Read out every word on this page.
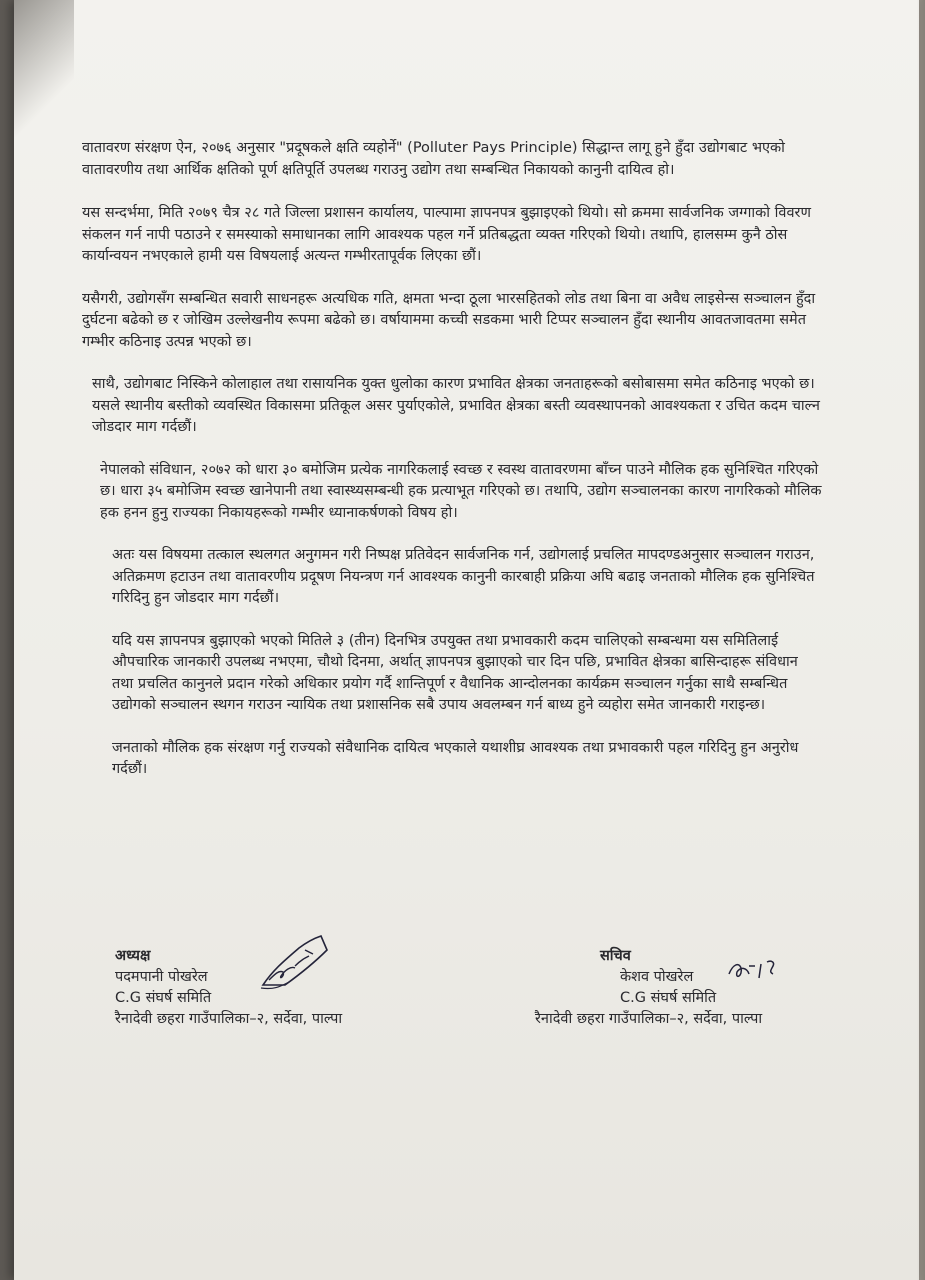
वातावरण संरक्षण ऐन, २०७६ अनुसार "प्रदूषकले क्षति व्यहोर्ने" (Polluter Pays Principle) सिद्धान्त लागू हुने हुँदा उद्योगबाट भएको वातावरणीय तथा आर्थिक क्षतिको पूर्ण क्षतिपूर्ति उपलब्ध गराउनु उद्योग तथा सम्बन्धित निकायको कानुनी दायित्व हो।

यस सन्दर्भमा, मिति २०७९ चैत्र २८ गते जिल्ला प्रशासन कार्यालय, पाल्पामा ज्ञापनपत्र बुझाइएको थियो। सो क्रममा सार्वजनिक जग्गाको विवरण संकलन गर्न नापी पठाउने र समस्याको समाधानका लागि आवश्यक पहल गर्ने प्रतिबद्धता व्यक्त गरिएको थियो। तथापि, हालसम्म कुनै ठोस कार्यान्वयन नभएकाले हामी यस विषयलाई अत्यन्त गम्भीरतापूर्वक लिएका छौं।

यसैगरी, उद्योगसँग सम्बन्धित सवारी साधनहरू अत्यधिक गति, क्षमता भन्दा ठूला भारसहितको लोड तथा बिना वा अवैध लाइसेन्स सञ्चालन हुँदा दुर्घटना बढेको छ र जोखिम उल्लेखनीय रूपमा बढेको छ। वर्षायाममा कच्ची सडकमा भारी टिप्पर सञ्चालन हुँदा स्थानीय आवतजावतमा समेत गम्भीर कठिनाइ उत्पन्न भएको छ।

साथै, उद्योगबाट निस्किने कोलाहाल तथा रासायनिक युक्त धुलोका कारण प्रभावित क्षेत्रका जनताहरूको बसोबासमा समेत कठिनाइ भएको छ। यसले स्थानीय बस्तीको व्यवस्थित विकासमा प्रतिकूल असर पुर्याएकोले, प्रभावित क्षेत्रका बस्ती व्यवस्थापनको आवश्यकता र उचित कदम चाल्न जोडदार माग गर्दछौं।

नेपालको संविधान, २०७२ को धारा ३० बमोजिम प्रत्येक नागरिकलाई स्वच्छ र स्वस्थ वातावरणमा बाँच्न पाउने मौलिक हक सुनिश्चित गरिएको छ। धारा ३५ बमोजिम स्वच्छ खानेपानी तथा स्वास्थ्यसम्बन्धी हक प्रत्याभूत गरिएको छ। तथापि, उद्योग सञ्चालनका कारण नागरिकको मौलिक हक हनन हुनु राज्यका निकायहरूको गम्भीर ध्यानाकर्षणको विषय हो।

अतः यस विषयमा तत्काल स्थलगत अनुगमन गरी निष्पक्ष प्रतिवेदन सार्वजनिक गर्न, उद्योगलाई प्रचलित मापदण्डअनुसार सञ्चालन गराउन, अतिक्रमण हटाउन तथा वातावरणीय प्रदूषण नियन्त्रण गर्न आवश्यक कानुनी कारबाही प्रक्रिया अघि बढाइ जनताको मौलिक हक सुनिश्चित गरिदिनु हुन जोडदार माग गर्दछौं।

यदि यस ज्ञापनपत्र बुझाएको भएको मितिले ३ (तीन) दिनभित्र उपयुक्त तथा प्रभावकारी कदम चालिएको सम्बन्धमा यस समितिलाई औपचारिक जानकारी उपलब्ध नभएमा, चौथो दिनमा, अर्थात् ज्ञापनपत्र बुझाएको चार दिन पछि, प्रभावित क्षेत्रका बासिन्दाहरू संविधान तथा प्रचलित कानुनले प्रदान गरेको अधिकार प्रयोग गर्दै शान्तिपूर्ण र वैधानिक आन्दोलनका कार्यक्रम सञ्चालन गर्नुका साथै सम्बन्धित उद्योगको सञ्चालन स्थगन गराउन न्यायिक तथा प्रशासनिक सबै उपाय अवलम्बन गर्न बाध्य हुने व्यहोरा समेत जानकारी गराइन्छ।

जनताको मौलिक हक संरक्षण गर्नु राज्यको संवैधानिक दायित्व भएकाले यथाशीघ्र आवश्यक तथा प्रभावकारी पहल गरिदिनु हुन अनुरोध गर्दछौं।

अध्यक्ष
पदमपानी पोखरेल
C.G संघर्ष समिति
रैनादेवी छहरा गाउँपालिका–२, सर्देवा, पाल्पा
सचिव
केशव पोखरेल
C.G संघर्ष समिति
रैनादेवी छहरा गाउँपालिका–२, सर्देवा, पाल्पा
